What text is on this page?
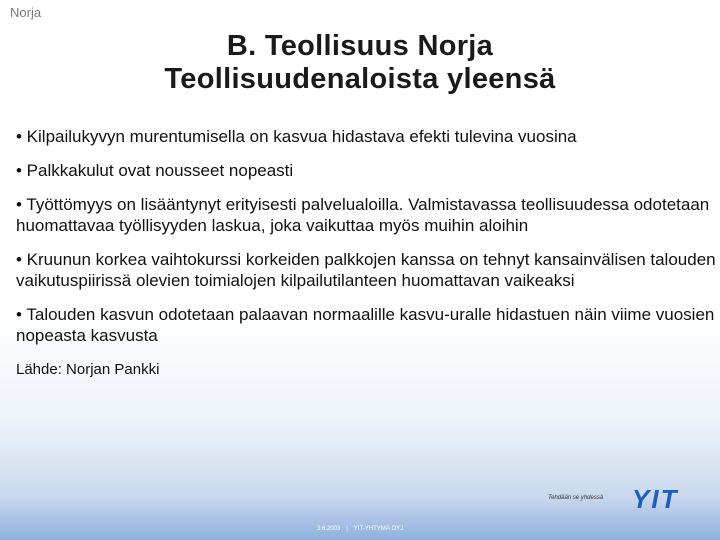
Norja
B. Teollisuus Norja
Teollisuudenaloista yleensä
• Kilpailukyvyn murentumisella on kasvua hidastava efekti tulevina vuosina
• Palkkakulut ovat nousseet nopeasti
• Työttömyys on lisääntynyt erityisesti palvelualoilla. Valmistavassa teollisuudessa odotetaan huomattavaa työllisyyden laskua, joka vaikuttaa myös muihin aloihin
• Kruunun korkea vaihtokurssi korkeiden palkkojen kanssa on tehnyt kansainvälisen talouden vaikutuspiirissä olevien toimialojen kilpailutilanteen huomattavan vaikeaksi
• Talouden kasvun odotetaan palaavan normaalille kasvu-uralle hidastuen näin viime vuosien nopeasta kasvusta
Lähde: Norjan Pankki
Tehdään se yhdessä YIT
3.6.2003 | YIT-YHTYMÄ OYJ
